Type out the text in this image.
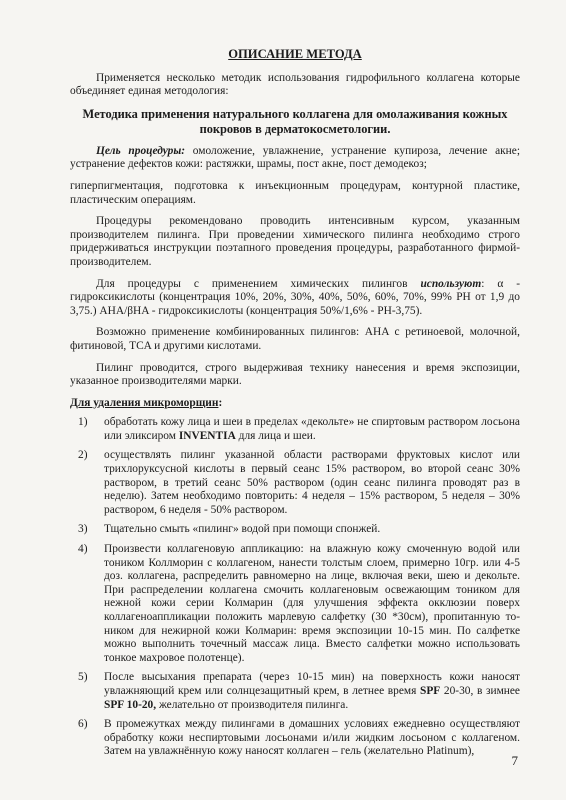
ОПИСАНИЕ МЕТОДА

Применяется несколько методик использования гидрофильного коллагена которые объединяет единая методология:

Методика применения натурального коллагена для омолаживания кожных покровов в дерматокосметологии.

Цель процедуры: омоложение, увлажнение, устранение купироза, лечение акне; устранение дефектов кожи: растяжки, шрамы, пост акне, пост демодекоз;

гиперпигментация, подготовка к инъекционным процедурам, контурной пластике, пластическим операциям.

Процедуры рекомендовано проводить интенсивным курсом, указанным производителем пилинга. При проведении химического пилинга необходимо строго придерживаться инструкции поэтапного проведения процедуры, разработанного фирмой-производителем.

Для процедуры с применением химических пилингов используют: α - гидроксикислоты (концентрация 10%, 20%, 30%, 40%, 50%, 60%, 70%, 99% PH от 1,9 до 3,75.) AHA/βHA - гидроксикислоты (концентрация 50%/1,6% - PH-3,75).

Возможно применение комбинированных пилингов: AHA с ретиноевой, молочной, фитиновой, TCA и другими кислотами.

Пилинг проводится, строго выдерживая технику нанесения и время экспозиции, указанное производителями марки.

Для удаления микроморщин:
1)	обработать кожу лица и шеи в пределах «декольте» не спиртовым раствором лосьона или эликсиром INVENTIA для лица и шеи.
2)	осуществлять пилинг указанной области растворами фруктовых кислот или трихлоруксусной кислоты в первый сеанс 15% раствором, во второй сеанс 30% раствором, в третий сеанс 50% раствором (один сеанс пилинга проводят раз в неделю). Затем необходимо повторить: 4 неделя – 15% раствором, 5 неделя – 30% раствором, 6 неделя - 50% раствором.
3)	Тщательно смыть «пилинг» водой при помощи спонжей.
4)	Произвести коллагеновую аппликацию: на влажную кожу смоченную водой или тоником Коллморин с коллагеном, нанести толстым слоем, примерно 10гр. или 4-5 доз. коллагена, распределить равномерно на лице, включая веки, шею и декольте. При распределении коллагена смочить коллагеновым освежающим тоником для нежной кожи серии Колмарин (для улучшения эффекта окклюзии поверх коллагеноаппликации положить марлевую салфетку (30 *30см), пропитанную то-ником для нежирной кожи Колмарин: время экспозиции 10-15 мин. По салфетке можно выполнить точечный массаж лица. Вместо салфетки можно использовать тонкое махровое полотенце).
5)	После высыхания препарата (через 10-15 мин) на поверхность кожи наносят увлажняющий крем или солнцезащитный крем, в летнее время SPF 20-30, в зимнее SPF 10-20, желательно от производителя пилинга.
6)	В промежутках между пилингами в домашних условиях ежедневно осуществляют обработку кожи неспиртовыми лосьонами и/или жидким лосьоном с коллагеном. Затем на увлажнённую кожу наносят коллаген – гель (желательно Platinum),
7
